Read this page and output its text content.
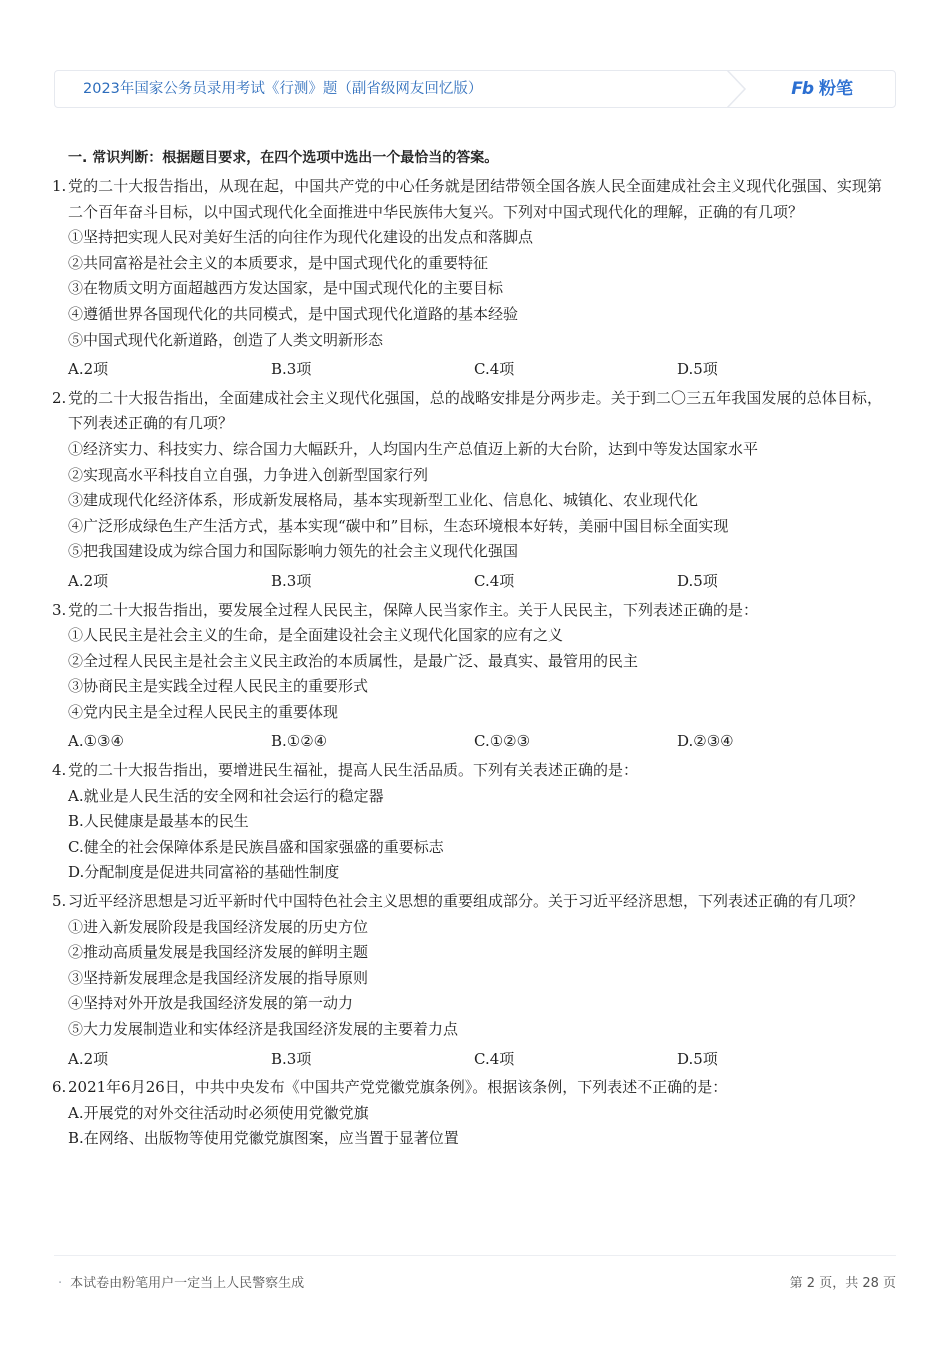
2023年国家公务员录用考试《行测》题（副省级网友回忆版）	Fb 粉笔
一. 常识判断：根据题目要求，在四个选项中选出一个最恰当的答案。
1. 党的二十大报告指出，从现在起，中国共产党的中心任务就是团结带领全国各族人民全面建成社会主义现代化强国、实现第二个百年奋斗目标，以中国式现代化全面推进中华民族伟大复兴。下列对中国式现代化的理解，正确的有几项？
①坚持把实现人民对美好生活的向往作为现代化建设的出发点和落脚点
②共同富裕是社会主义的本质要求，是中国式现代化的重要特征
③在物质文明方面超越西方发达国家，是中国式现代化的主要目标
④遵循世界各国现代化的共同模式，是中国式现代化道路的基本经验
⑤中国式现代化新道路，创造了人类文明新形态
A.2项	B.3项	C.4项	D.5项
2. 党的二十大报告指出，全面建成社会主义现代化强国，总的战略安排是分两步走。关于到二〇三五年我国发展的总体目标，下列表述正确的有几项？
①经济实力、科技实力、综合国力大幅跃升，人均国内生产总值迈上新的大台阶，达到中等发达国家水平
②实现高水平科技自立自强，力争进入创新型国家行列
③建成现代化经济体系，形成新发展格局，基本实现新型工业化、信息化、城镇化、农业现代化
④广泛形成绿色生产生活方式，基本实现“碳中和”目标，生态环境根本好转，美丽中国目标全面实现
⑤把我国建设成为综合国力和国际影响力领先的社会主义现代化强国
A.2项	B.3项	C.4项	D.5项
3. 党的二十大报告指出，要发展全过程人民民主，保障人民当家作主。关于人民民主，下列表述正确的是：
①人民民主是社会主义的生命，是全面建设社会主义现代化国家的应有之义
②全过程人民民主是社会主义民主政治的本质属性，是最广泛、最真实、最管用的民主
③协商民主是实践全过程人民民主的重要形式
④党内民主是全过程人民民主的重要体现
A.①③④	B.①②④	C.①②③	D.②③④
4. 党的二十大报告指出，要增进民生福祉，提高人民生活品质。下列有关表述正确的是：
A.就业是人民生活的安全网和社会运行的稳定器
B.人民健康是最基本的民生
C.健全的社会保障体系是民族昌盛和国家强盛的重要标志
D.分配制度是促进共同富裕的基础性制度
5. 习近平经济思想是习近平新时代中国特色社会主义思想的重要组成部分。关于习近平经济思想，下列表述正确的有几项？
①进入新发展阶段是我国经济发展的历史方位
②推动高质量发展是我国经济发展的鲜明主题
③坚持新发展理念是我国经济发展的指导原则
④坚持对外开放是我国经济发展的第一动力
⑤大力发展制造业和实体经济是我国经济发展的主要着力点
A.2项	B.3项	C.4项	D.5项
6. 2021年6月26日，中共中央发布《中国共产党党徽党旗条例》。根据该条例，下列表述不正确的是：
A.开展党的对外交往活动时必须使用党徽党旗
B.在网络、出版物等使用党徽党旗图案，应当置于显著位置
· 本试卷由粉笔用户一定当上人民警察生成	第 2 页，共 28 页
